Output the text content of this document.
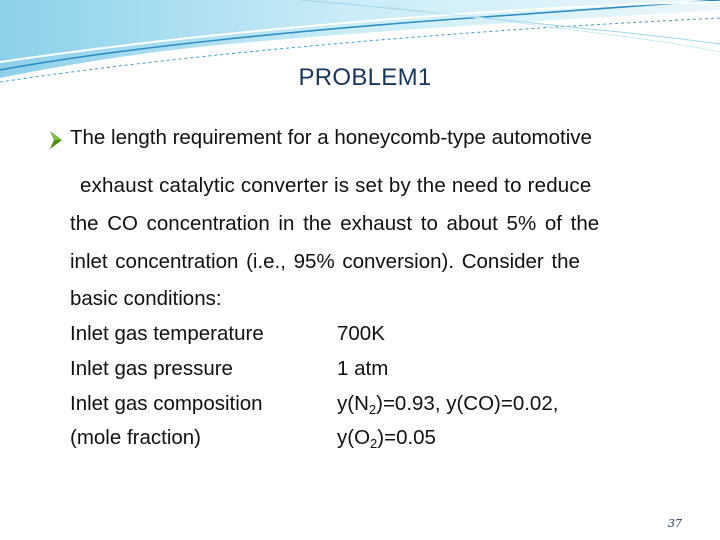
PROBLEM1
The length requirement for a honeycomb-type automotive
exhaust catalytic converter is set by the need to reduce
the CO concentration in the exhaust to about 5% of the
inlet concentration (i.e., 95% conversion). Consider the
basic conditions:
Inlet gas temperature	700K
Inlet gas pressure	1 atm
Inlet gas composition	$y(N_2)=0.93$, y(CO)=0.02,
(mole fraction)	$y(O_2)=0.05$
37
